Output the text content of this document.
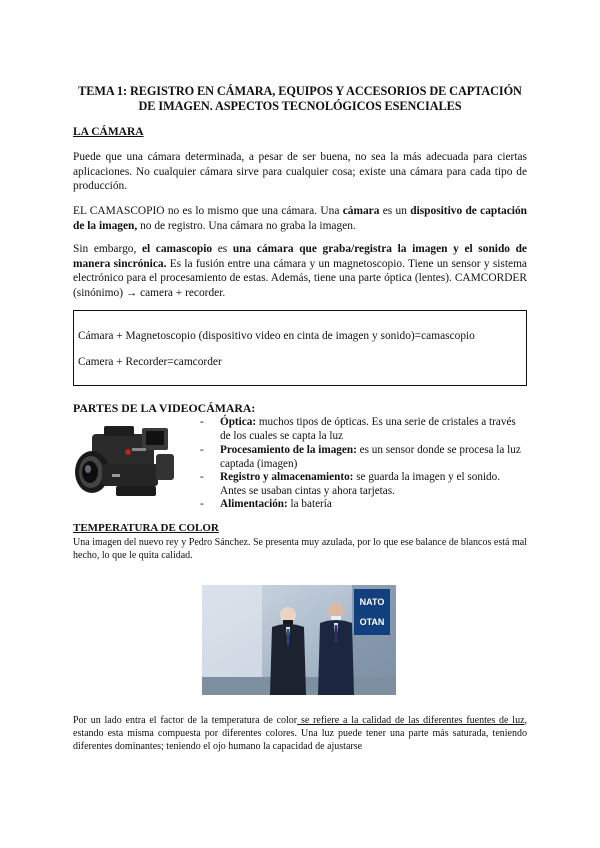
TEMA 1: REGISTRO EN CÁMARA, EQUIPOS Y ACCESORIOS DE CAPTACIÓN
DE IMAGEN. ASPECTOS TECNOLÓGICOS ESENCIALES
LA CÁMARA
Puede que una cámara determinada, a pesar de ser buena, no sea la más adecuada para ciertas aplicaciones. No cualquier cámara sirve para cualquier cosa; existe una cámara para cada tipo de producción.
EL CAMASCOPIO no es lo mismo que una cámara. Una cámara es un dispositivo de captación de la imagen, no de registro. Una cámara no graba la imagen.
Sin embargo, el camascopio es una cámara que graba/registra la imagen y el sonido de manera sincrónica. Es la fusión entre una cámara y un magnetoscopio. Tiene un sensor y sistema electrónico para el procesamiento de estas. Además, tiene una parte óptica (lentes). CAMCORDER (sinónimo) → camera + recorder.
Cámara + Magnetoscopio (dispositivo video en cinta de imagen y sonido)=camascopio
Camera + Recorder=camcorder
PARTES DE LA VIDEOCÁMARA:
-	Óptica: muchos tipos de ópticas. Es una serie de cristales a través de los cuales se capta la luz
-	Procesamiento de la imagen: es un sensor donde se procesa la luz captada (imagen)
-	Registro y almacenamiento: se guarda la imagen y el sonido. Antes se usaban cintas y ahora tarjetas.
-	Alimentación: la batería
TEMPERATURA DE COLOR
Una imagen del nuevo rey y Pedro Sánchez. Se presenta muy azulada, por lo que ese balance de blancos está mal hecho, lo que le quita calidad.
NATO
OTAN
Por un lado entra el factor de la temperatura de color se refiere a la calidad de las diferentes fuentes de luz, estando esta misma compuesta por diferentes colores. Una luz puede tener una parte más saturada, teniendo diferentes dominantes; teniendo el ojo humano la capacidad de ajustarse
